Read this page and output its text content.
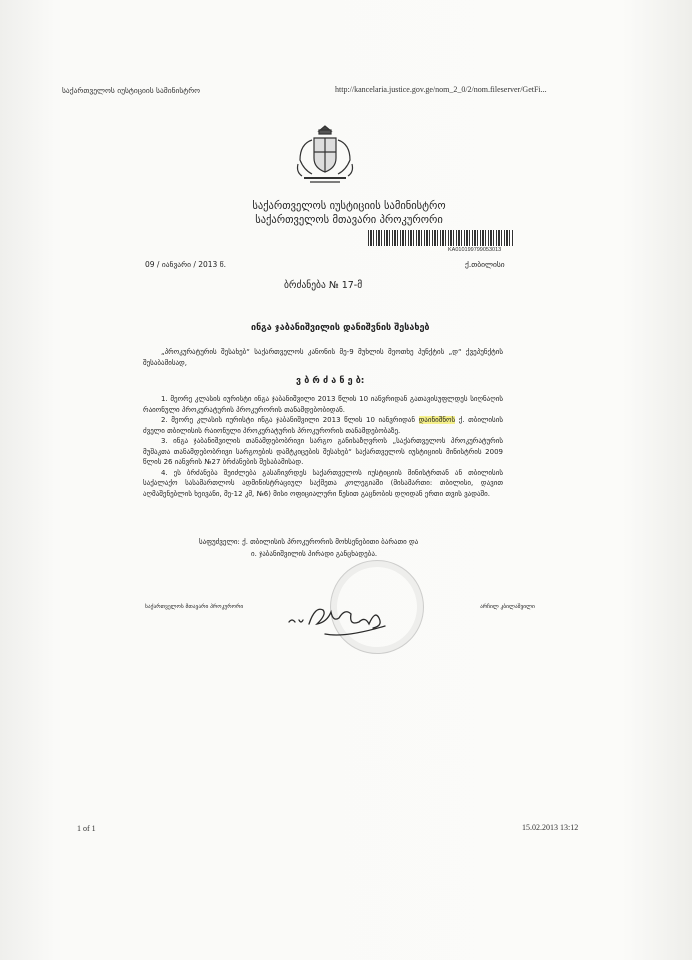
საქართველოს იუსტიციის სამინისტრო	http://kancelaria.justice.gov.ge/nom_2_0/2/nom.fileserver/GetFi...
საქართველოს იუსტიციის სამინისტრო
საქართველოს მთავარი პროკურორი
KA010199799053013
09 / იანვარი / 2013 წ.	ქ.თბილისი
ბრძანება № 17-მ
ინგა ჯაბანიშვილის დანიშვნის შესახებ
„პროკურატურის შესახებ“ საქართველოს კანონის მე-9 მუხლის მეოთხე პუნქტის „დ“ ქვეპუნქტის შესაბამისად,
ვ ბ რ ძ ა ნ ე ბ:

1. მეორე კლასის იურისტი ინგა ჯაბანიშვილი 2013 წლის 10 იანვრიდან გათავისუფლდეს სიღნაღის რაიონული პროკურატურის პროკურორის თანამდებობიდან.

2. მეორე კლასის იურისტი ინგა ჯაბანიშვილი 2013 წლის 10 იანვრიდან დაინიშნოს ქ. თბილისის ძველი თბილისის რაიონული პროკურატურის პროკურორის თანამდებობაზე.

3. ინგა ჯაბანიშვილის თანამდებობრივი სარგო განისაზღვროს „საქართველოს პროკურატურის მუშაკთა თანამდებობრივი სარგოების დამტკიცების შესახებ“ საქართველოს იუსტიციის მინისტრის 2009 წლის 26 იანვრის №27 ბრძანების შესაბამისად.

4. ეს ბრძანება შეიძლება გასაჩივრდეს საქართველოს იუსტიციის მინისტრთან ან თბილისის საქალაქო სასამართლოს ადმინისტრაციულ საქმეთა კოლეგიაში (მისამართი: თბილისი, დავით აღმაშენებლის ხეივანი, მე-12 კმ, №6) მისი ოფიციალური წესით გაცნობის დღიდან ერთი თვის ვადაში.

საფუძველი: ქ. თბილისის პროკურორის მოხსენებითი ბარათი და
ი. ჯაბანიშვილის პირადი განცხადება.
საქართველოს მთავარი პროკურორი	არჩილ კბილაშვილი
1 of 1	15.02.2013 13:12
